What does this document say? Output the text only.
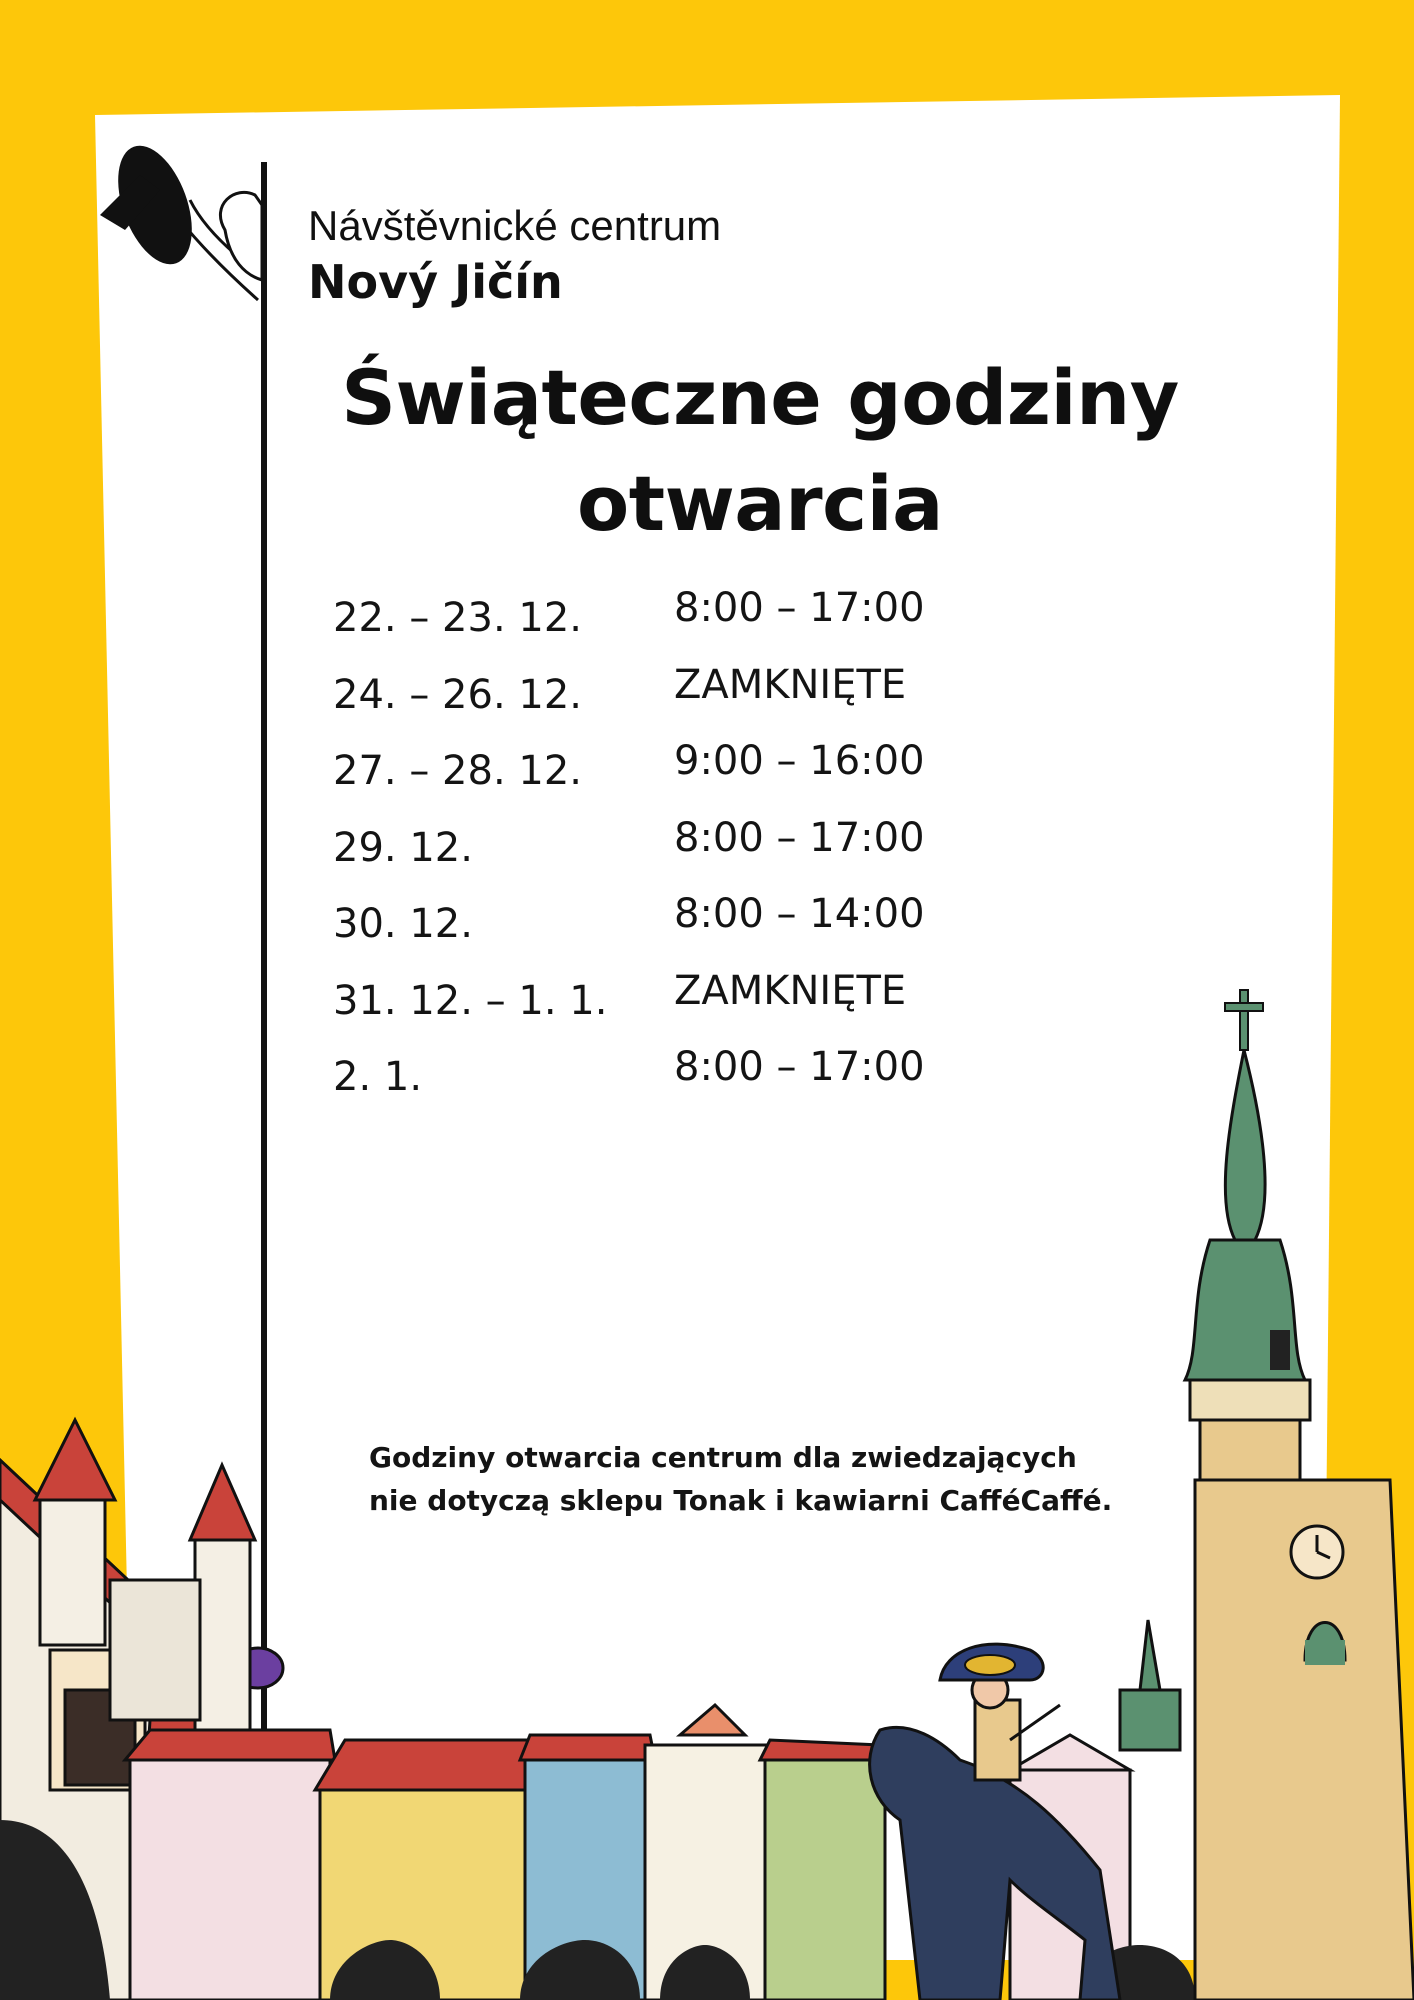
Návštěvnické centrum
Nový Jičín
Świąteczne godziny otwarcia
22. – 23. 12. 8:00 – 17:00
24. – 26. 12. ZAMKNIĘTE
27. – 28. 12. 9:00 – 16:00
29. 12.	8:00 – 17:00
30. 12.	8:00 – 14:00
31. 12. – 1. 1. ZAMKNIĘTE
2. 1.	8:00 – 17:00
Godziny otwarcia centrum dla zwiedzających
nie dotyczą sklepu Tonak i kawiarni CafféCaffé.
